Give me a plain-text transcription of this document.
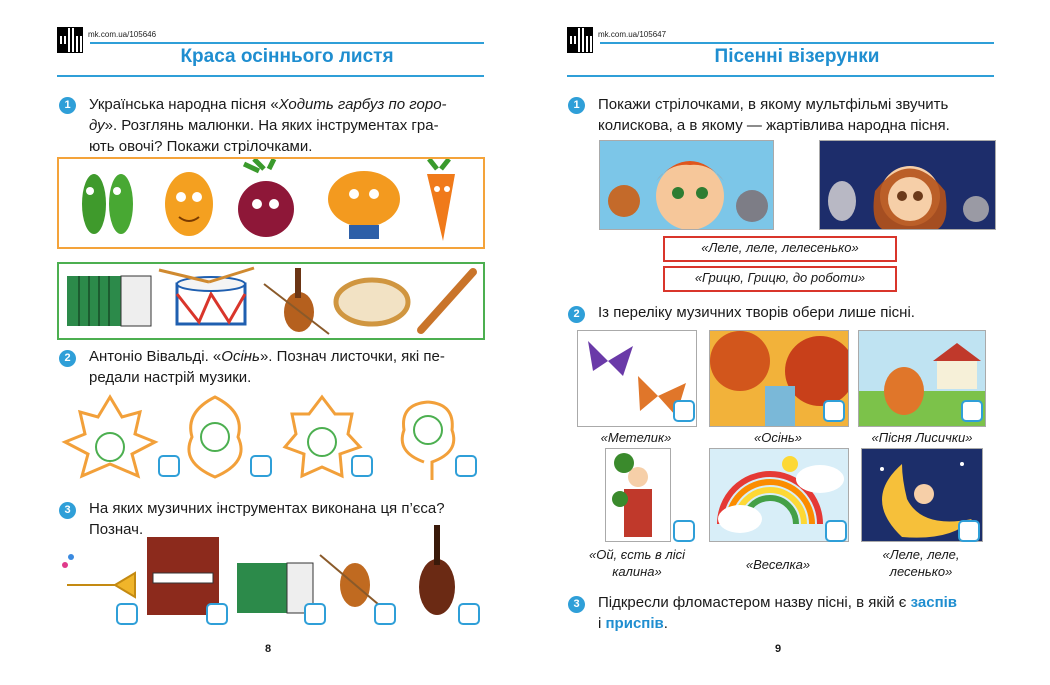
mk.com.ua/105646
Краса осіннього листя
1	Українська народна пісня «Ходить гарбуз по горо-
ду». Розглянь малюнки. На яких інструментах гра-
ють овочі? Покажи стрілочками.
2	Антоніо Вівальді. «Осінь». Познач листочки, які пе-
редали настрій музики.
3	На яких музичних інструментах виконана ця п’єса?
Познач.
8
mk.com.ua/105647
Пісенні візерунки
1	Покажи стрілочками, в якому мультфільмі звучить
колискова, а в якому — жартівлива народна пісня.
«Леле, леле, лелесенько»
«Грицю, Грицю, до роботи»
2	Із переліку музичних творів обери лише пісні.
«Метелик»	«Осінь»	«Пісня Лисички»
«Ой, єсть в лісі
калина»	«Веселка»
«Леле, леле,
лесенько»
3	Підкресли фломастером назву пісні, в якій є заспів
і приспів.
9
